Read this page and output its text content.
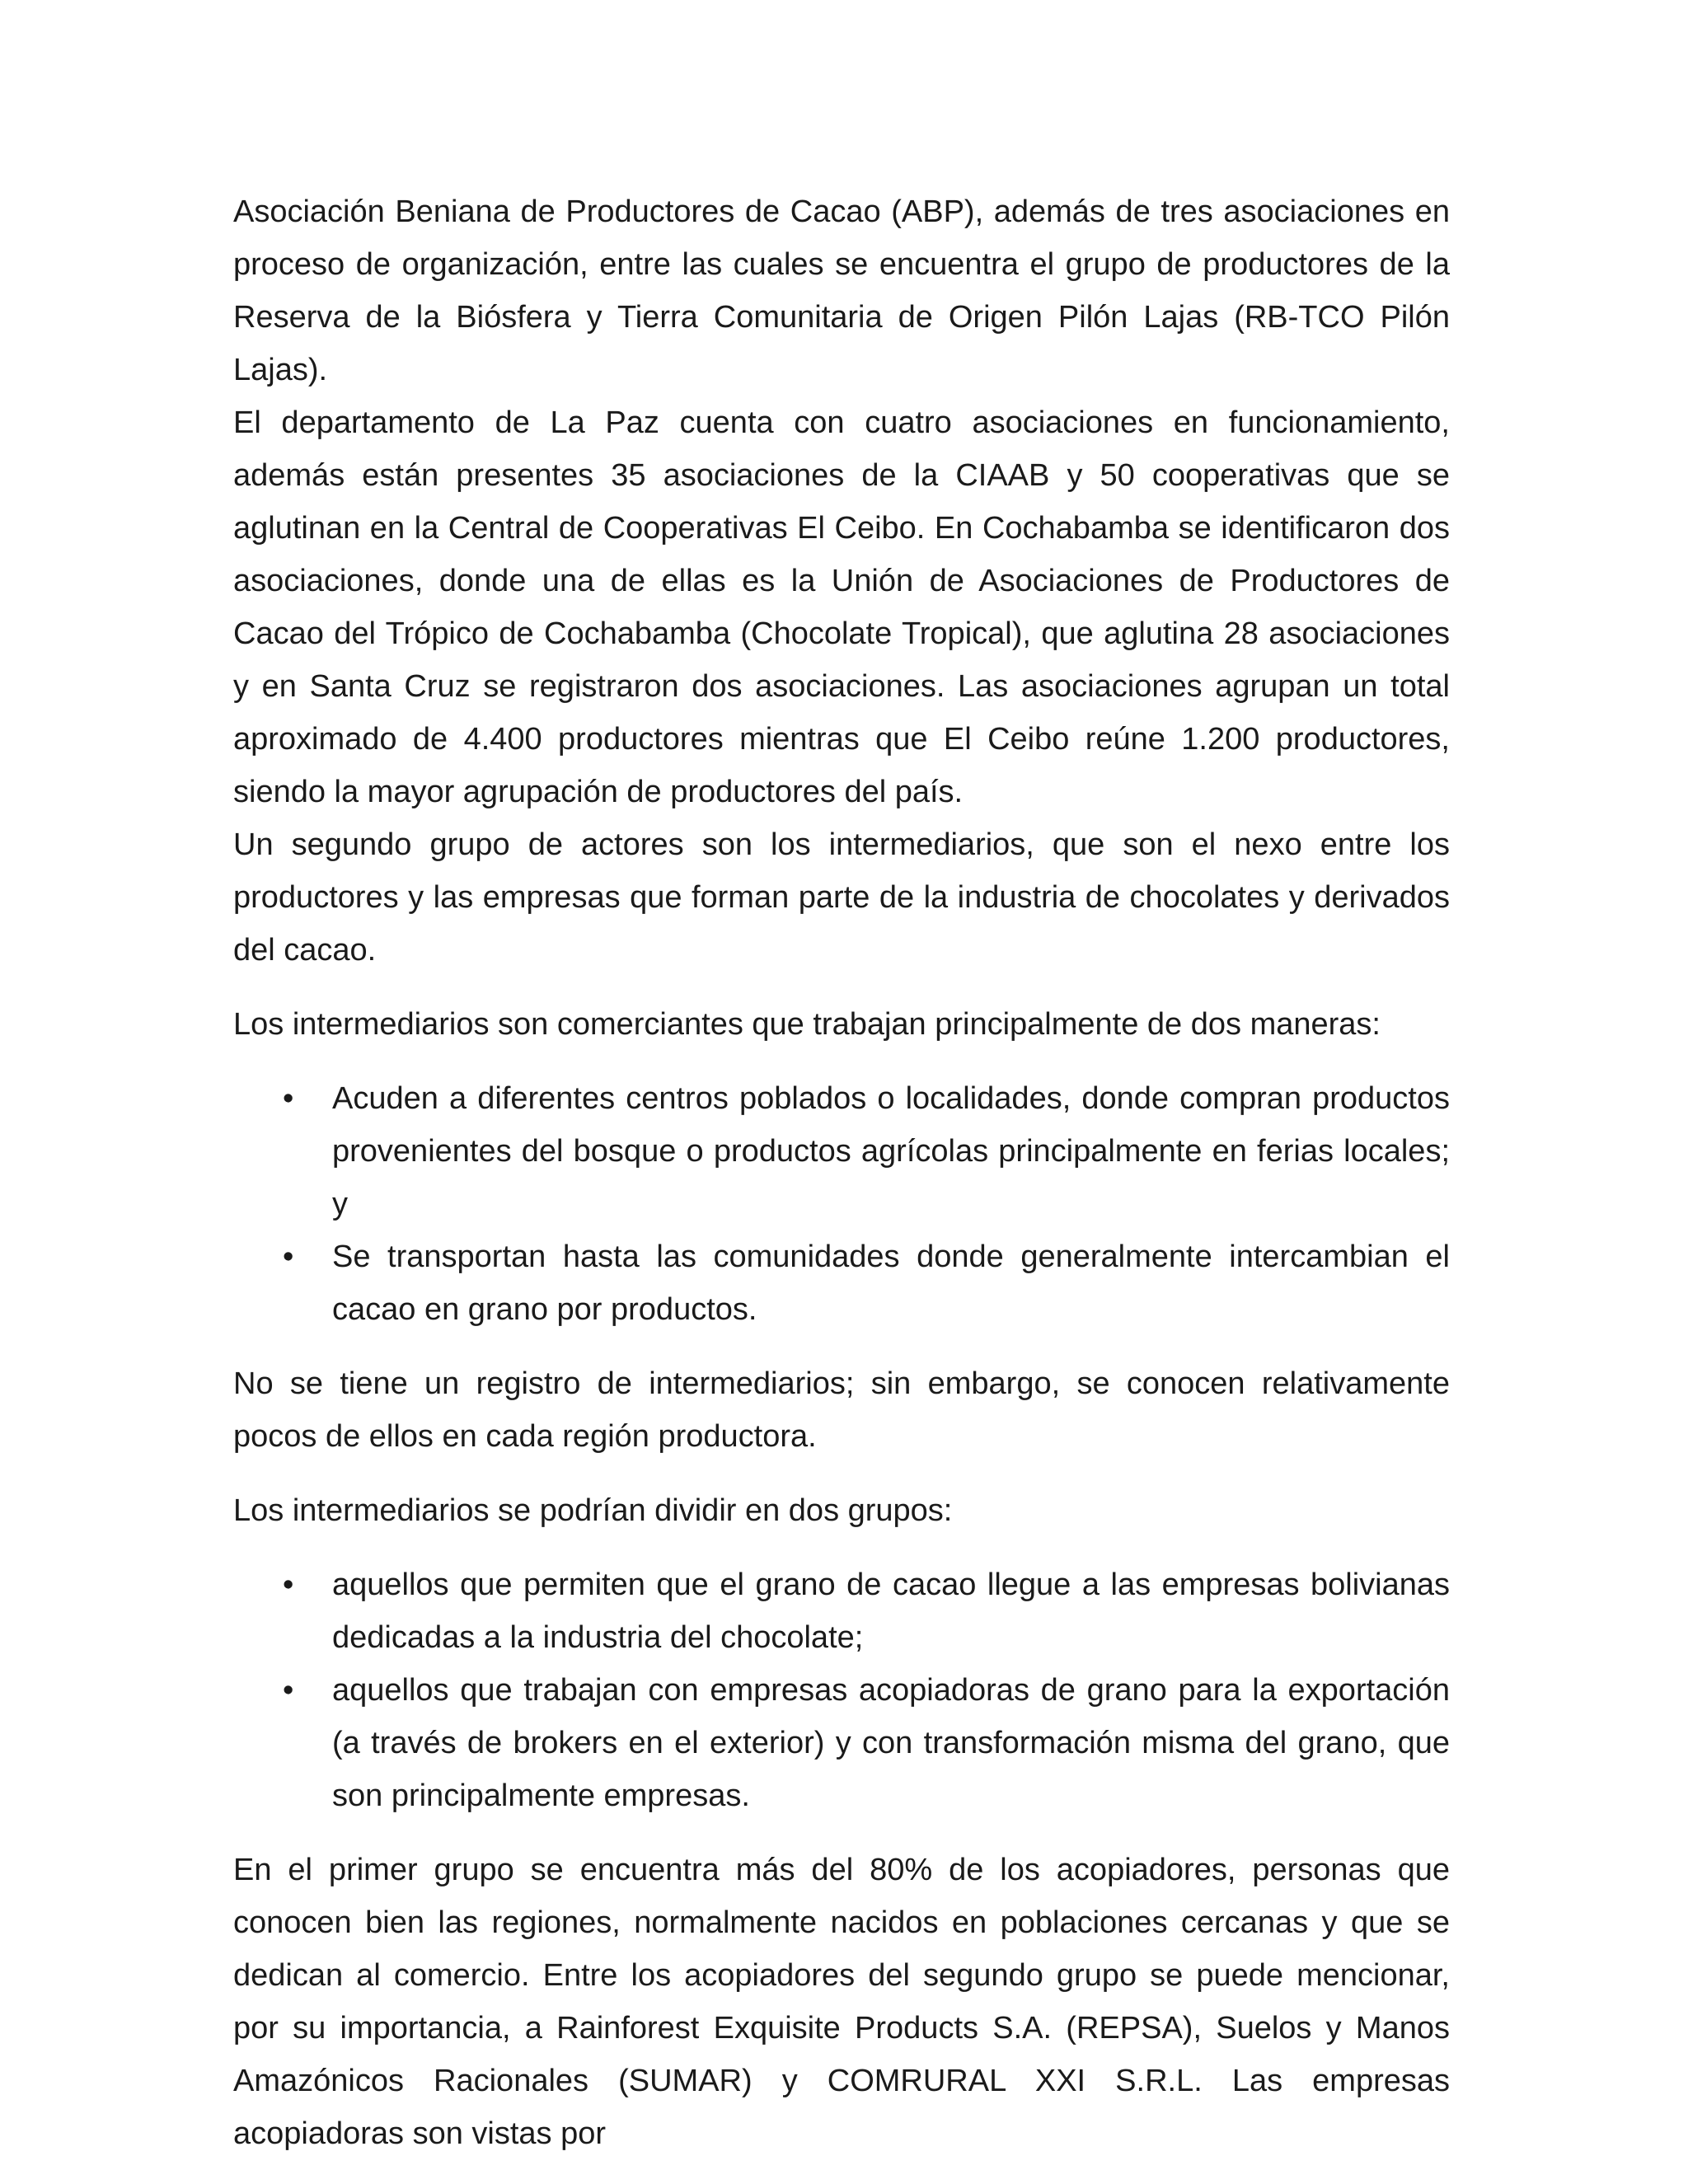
Asociación Beniana de Productores de Cacao (ABP), además de tres asociaciones en proceso de organización, entre las cuales se encuentra el grupo de productores de la Reserva de la Biósfera y Tierra Comunitaria de Origen Pilón Lajas (RB-TCO Pilón Lajas).

El departamento de La Paz cuenta con cuatro asociaciones en funcionamiento, además están presentes 35 asociaciones de la CIAAB y 50 cooperativas que se aglutinan en la Central de Cooperativas El Ceibo. En Cochabamba se identificaron dos asociaciones, donde una de ellas es la Unión de Asociaciones de Productores de Cacao del Trópico de Cochabamba (Chocolate Tropical), que aglutina 28 asociaciones y en Santa Cruz se registraron dos asociaciones. Las asociaciones agrupan un total aproximado de 4.400 productores mientras que El Ceibo reúne 1.200 productores, siendo la mayor agrupación de productores del país.

Un segundo grupo de actores son los intermediarios, que son el nexo entre los productores y las empresas que forman parte de la industria de chocolates y derivados del cacao.

Los intermediarios son comerciantes que trabajan principalmente de dos maneras:

•	Acuden a diferentes centros poblados o localidades, donde compran productos provenientes del bosque o productos agrícolas principalmente en ferias locales; y
•	Se transportan hasta las comunidades donde generalmente intercambian el cacao en grano por productos.

No se tiene un registro de intermediarios; sin embargo, se conocen relativamente pocos de ellos en cada región productora.

Los intermediarios se podrían dividir en dos grupos:

•	aquellos que permiten que el grano de cacao llegue a las empresas bolivianas dedicadas a la industria del chocolate;
•	aquellos que trabajan con empresas acopiadoras de grano para la exportación (a través de brokers en el exterior) y con transformación misma del grano, que son principalmente empresas.

En el primer grupo se encuentra más del 80% de los acopiadores, personas que conocen bien las regiones, normalmente nacidos en poblaciones cercanas y que se dedican al comercio. Entre los acopiadores del segundo grupo se puede mencionar, por su importancia, a Rainforest Exquisite Products S.A. (REPSA), Suelos y Manos Amazónicos Racionales (SUMAR) y COMRURAL XXI S.R.L. Las empresas acopiadoras son vistas por
